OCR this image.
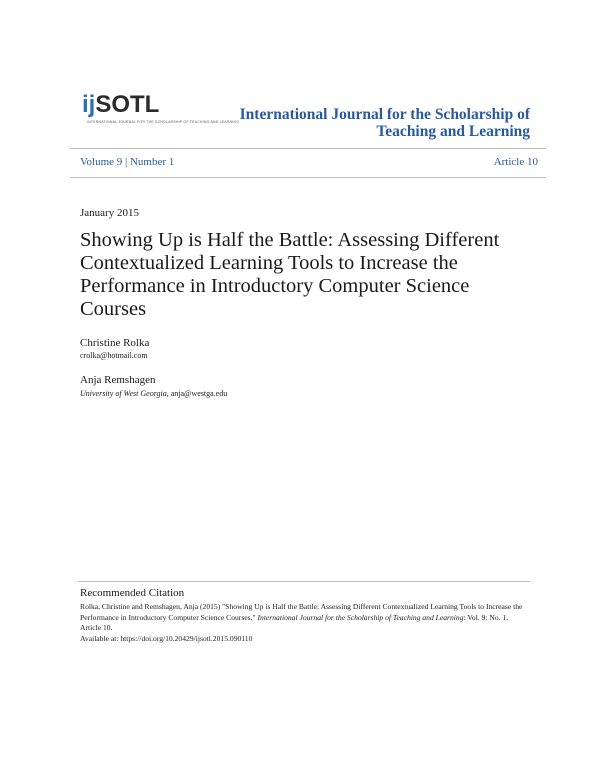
ijSOTL
INTERNATIONAL JOURNAL FOR THE SCHOLARSHIP OF TEACHING AND LEARNING International Journal for the Scholarship of
Teaching and Learning
Volume 9 | Number 1	Article 10
January 2015
Showing Up is Half the Battle: Assessing Different Contextualized Learning Tools to Increase the Performance in Introductory Computer Science Courses
Christine Rolka
crolka@hotmail.com
Anja Remshagen
University of West Georgia, anja@westga.edu
Recommended Citation
Rolka, Christine and Remshagen, Anja (2015) "Showing Up is Half the Battle: Assessing Different Contextualized Learning Tools to Increase the Performance in Introductory Computer Science Courses," International Journal for the Scholarship of Teaching and Learning: Vol. 9: No. 1, Article 10.
Available at: https://doi.org/10.20429/ijsotl.2015.090110
